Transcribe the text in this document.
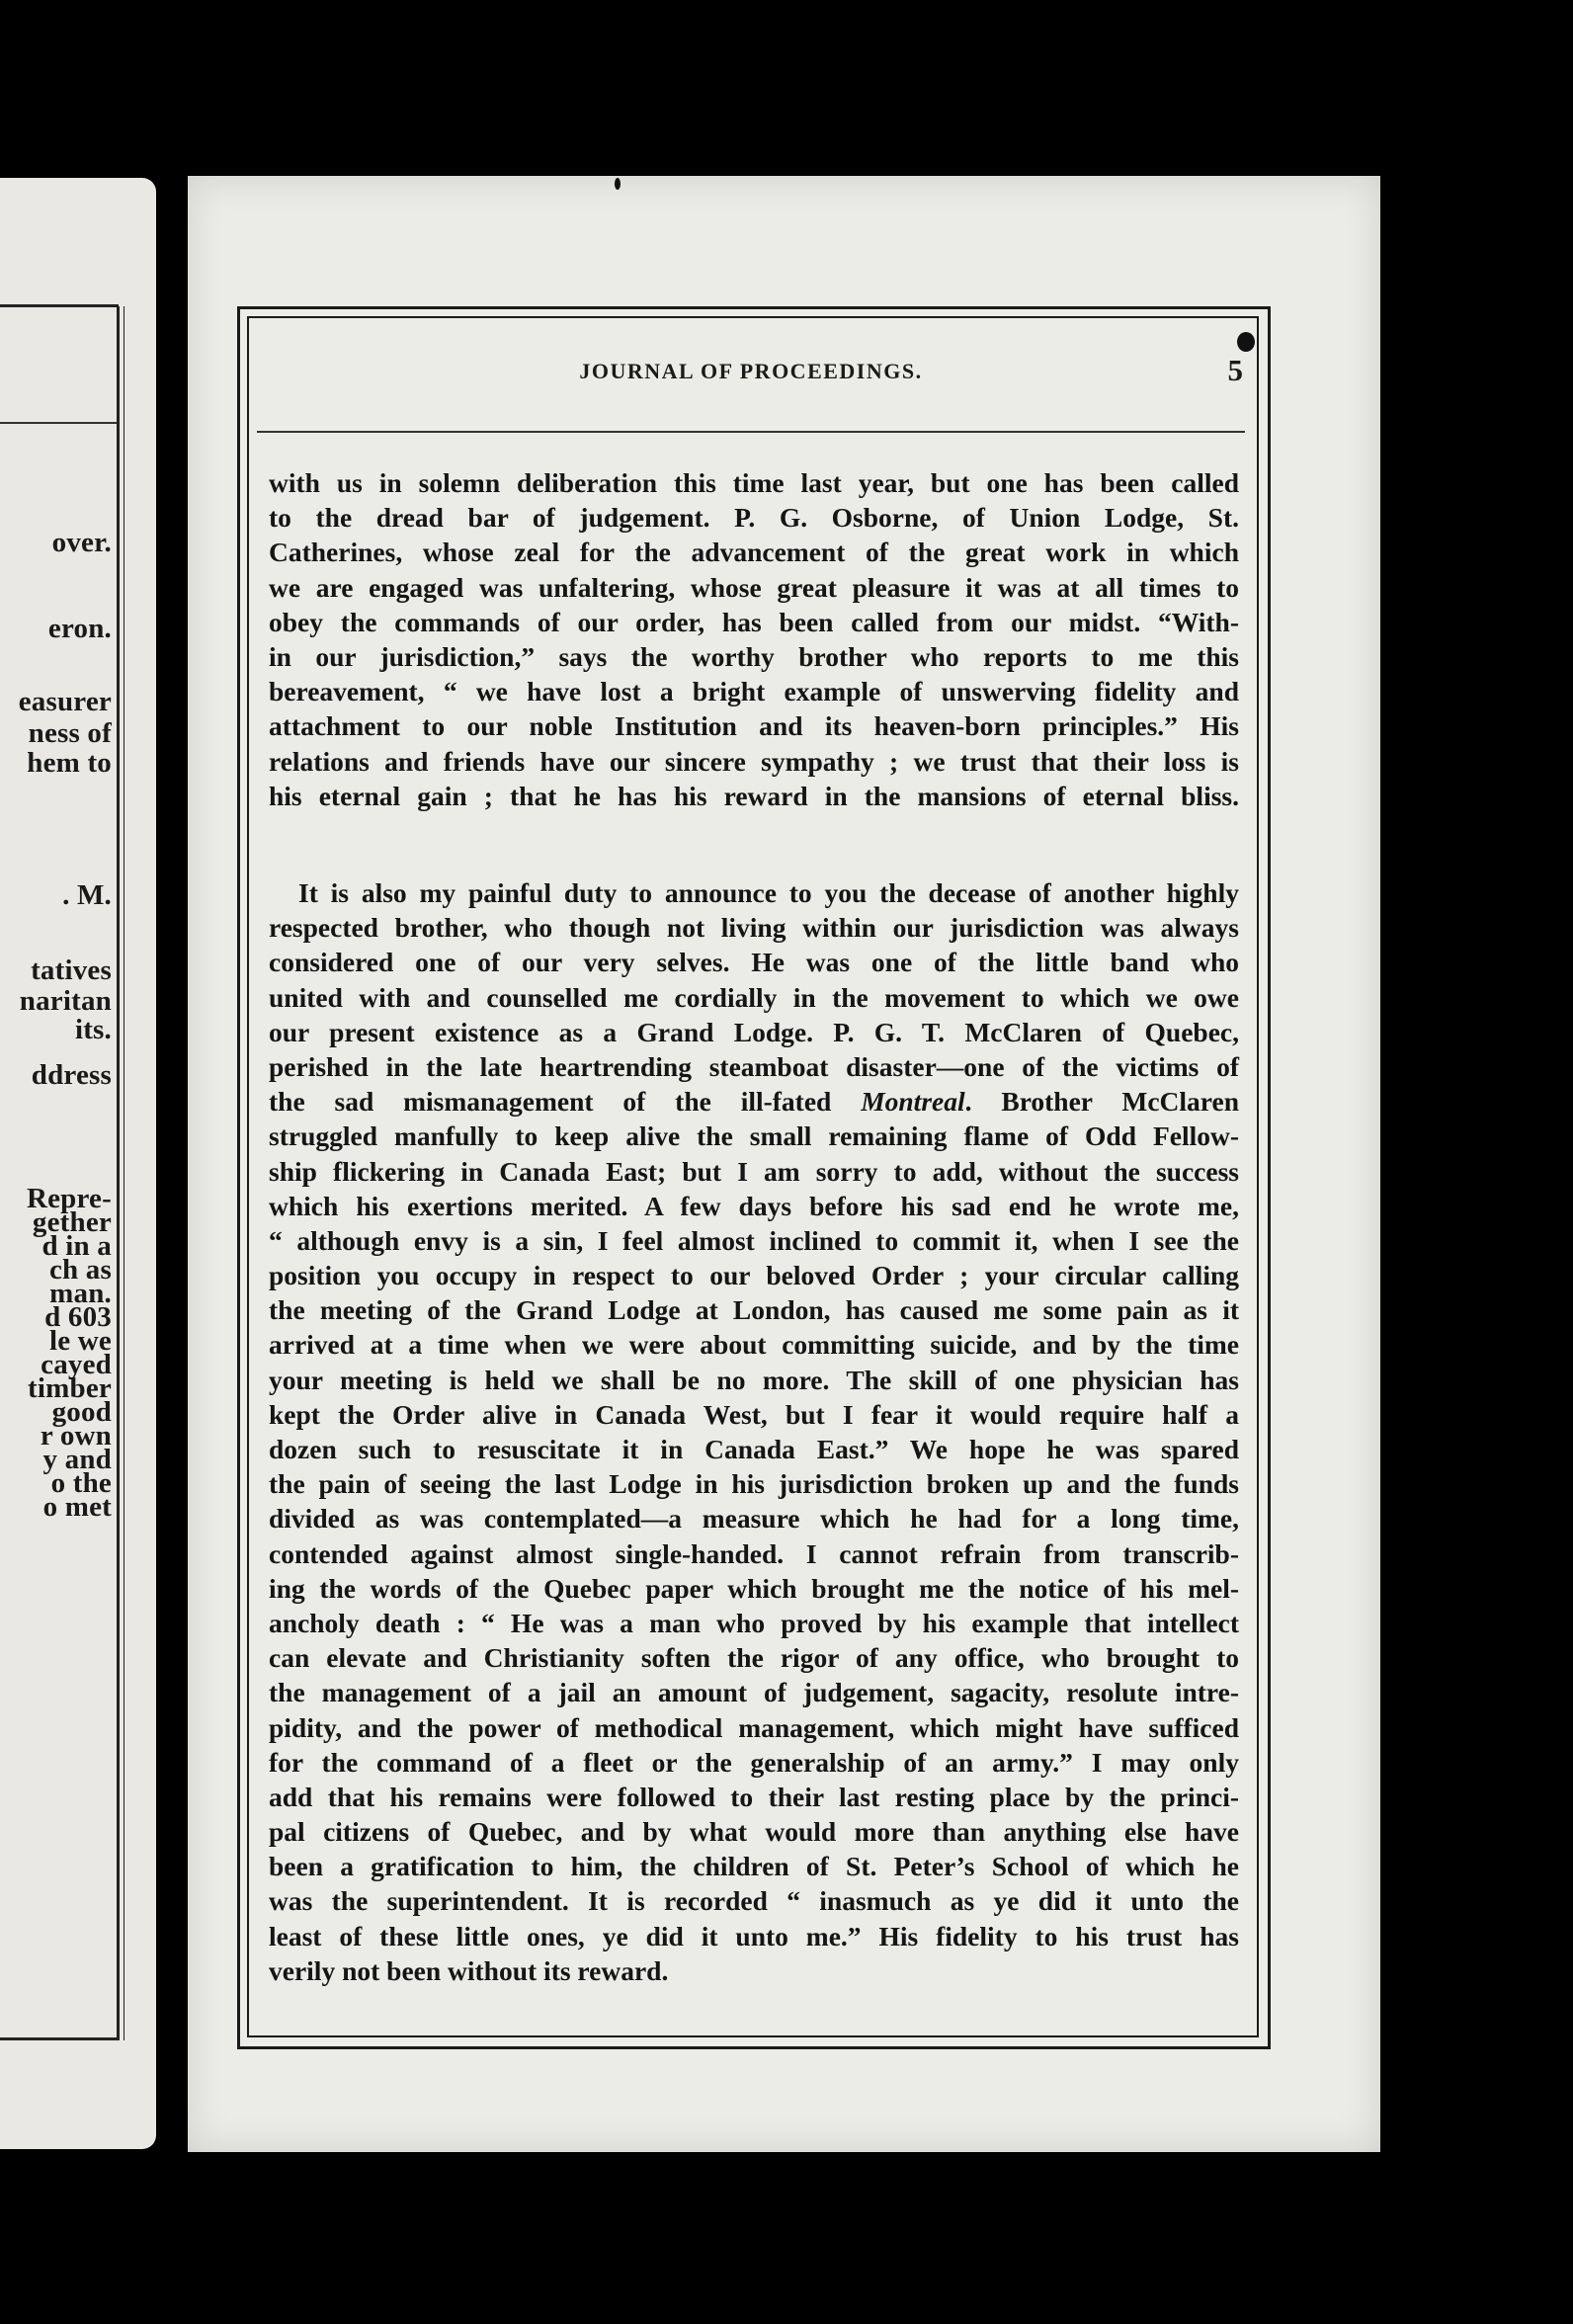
over.
eron.
easurer
ness of
hem to
. M.
tatives
naritan
its.
ddress
Repre-
gether
d in a
ch as
man.
d 603
le we
cayed
timber
good
r own
y and
o the
o met
JOURNAL OF PROCEEDINGS.	5
with us in solemn deliberation this time last year, but one has been called
to the dread bar of judgement. P. G. Osborne, of Union Lodge, St.
Catherines, whose zeal for the advancement of the great work in which
we are engaged was unfaltering, whose great pleasure it was at all times to
obey the commands of our order, has been called from our midst. “With-
in our jurisdiction,” says the worthy brother who reports to me this
bereavement, “ we have lost a bright example of unswerving fidelity and
attachment to our noble Institution and its heaven-born principles.” His
relations and friends have our sincere sympathy ; we trust that their loss is
his eternal gain ; that he has his reward in the mansions of eternal bliss.
It is also my painful duty to announce to you the decease of another highly
respected brother, who though not living within our jurisdiction was always
considered one of our very selves. He was one of the little band who
united with and counselled me cordially in the movement to which we owe
our present existence as a Grand Lodge. P. G. T. McClaren of Quebec,
perished in the late heartrending steamboat disaster—one of the victims of
the sad mismanagement of the ill-fated Montreal. Brother McClaren
struggled manfully to keep alive the small remaining flame of Odd Fellow-
ship flickering in Canada East; but I am sorry to add, without the success
which his exertions merited. A few days before his sad end he wrote me,
“ although envy is a sin, I feel almost inclined to commit it, when I see the
position you occupy in respect to our beloved Order ; your circular calling
the meeting of the Grand Lodge at London, has caused me some pain as it
arrived at a time when we were about committing suicide, and by the time
your meeting is held we shall be no more. The skill of one physician has
kept the Order alive in Canada West, but I fear it would require half a
dozen such to resuscitate it in Canada East.” We hope he was spared
the pain of seeing the last Lodge in his jurisdiction broken up and the funds
divided as was contemplated—a measure which he had for a long time,
contended against almost single-handed. I cannot refrain from transcrib-
ing the words of the Quebec paper which brought me the notice of his mel-
ancholy death : “ He was a man who proved by his example that intellect
can elevate and Christianity soften the rigor of any office, who brought to
the management of a jail an amount of judgement, sagacity, resolute intre-
pidity, and the power of methodical management, which might have sufficed
for the command of a fleet or the generalship of an army.” I may only
add that his remains were followed to their last resting place by the princi-
pal citizens of Quebec, and by what would more than anything else have
been a gratification to him, the children of St. Peter’s School of which he
was the superintendent. It is recorded “ inasmuch as ye did it unto the
least of these little ones, ye did it unto me.” His fidelity to his trust has
verily not been without its reward.
